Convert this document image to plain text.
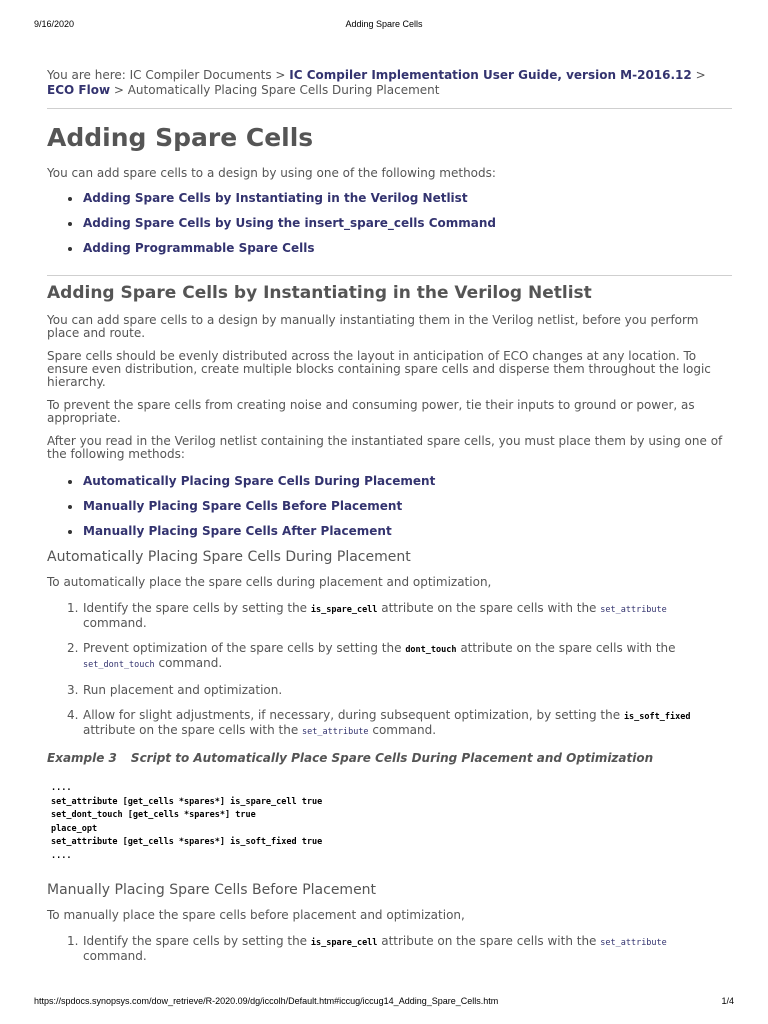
9/16/2020	Adding Spare Cells
You are here: IC Compiler Documents > IC Compiler Implementation User Guide, version M-2016.12 >
ECO Flow > Automatically Placing Spare Cells During Placement
Adding Spare Cells

You can add spare cells to a design by using one of the following methods:

Adding Spare Cells by Instantiating in the Verilog Netlist
Adding Spare Cells by Using the insert_spare_cells Command
Adding Programmable Spare Cells
Adding Spare Cells by Instantiating in the Verilog Netlist

You can add spare cells to a design by manually instantiating them in the Verilog netlist, before you perform place and route.

Spare cells should be evenly distributed across the layout in anticipation of ECO changes at any location. To ensure even distribution, create multiple blocks containing spare cells and disperse them throughout the logic hierarchy.

To prevent the spare cells from creating noise and consuming power, tie their inputs to ground or power, as appropriate.

After you read in the Verilog netlist containing the instantiated spare cells, you must place them by using one of the following methods:

Automatically Placing Spare Cells During Placement
Manually Placing Spare Cells Before Placement
Manually Placing Spare Cells After Placement
Automatically Placing Spare Cells During Placement

To automatically place the spare cells during placement and optimization,

1. Identify the spare cells by setting the is_spare_cell attribute on the spare cells with the set_attribute
command.
2. Prevent optimization of the spare cells by setting the dont_touch attribute on the spare cells with the
set_dont_touch command.
3. Run placement and optimization.
4. Allow for slight adjustments, if necessary, during subsequent optimization, by setting the is_soft_fixed
attribute on the spare cells with the set_attribute command.
Example 3 Script to Automatically Place Spare Cells During Placement and Optimization
....
set_attribute [get_cells *spares*] is_spare_cell true
set_dont_touch [get_cells *spares*] true
place_opt
set_attribute [get_cells *spares*] is_soft_fixed true
....
Manually Placing Spare Cells Before Placement

To manually place the spare cells before placement and optimization,

1. Identify the spare cells by setting the is_spare_cell attribute on the spare cells with the set_attribute
command.
https://spdocs.synopsys.com/dow_retrieve/R-2020.09/dg/iccolh/Default.htm#iccug/iccug14_Adding_Spare_Cells.htm	1/4
